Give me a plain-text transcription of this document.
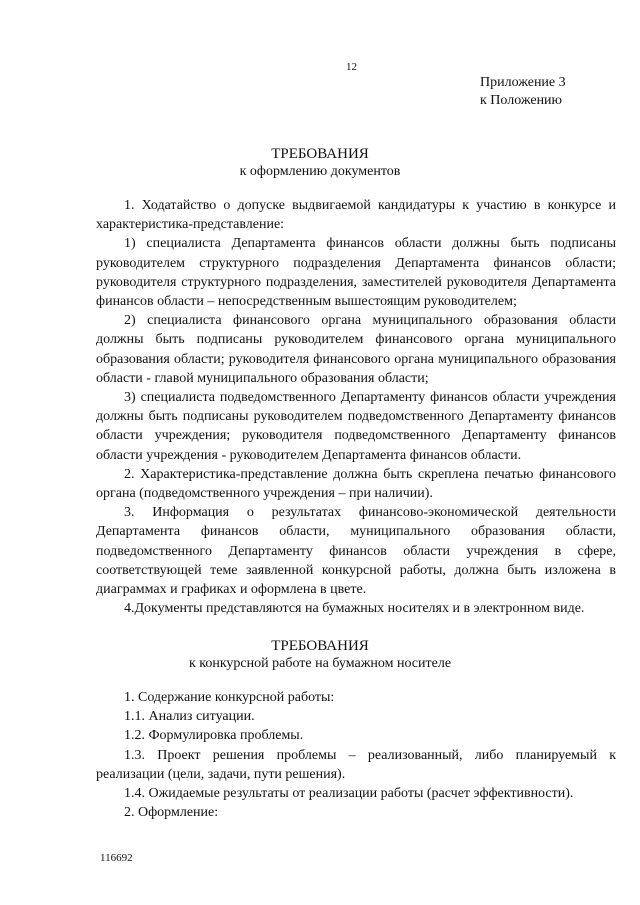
12
Приложение 3
к Положению
ТРЕБОВАНИЯ
к оформлению документов

1. Ходатайство о допуске выдвигаемой кандидатуры к участию в конкурсе и характеристика-представление:

1) специалиста Департамента финансов области должны быть подписаны руководителем структурного подразделения Департамента финансов области; руководителя структурного подразделения, заместителей руководителя Департамента финансов области – непосредственным вышестоящим руководителем;

2) специалиста финансового органа муниципального образования области должны быть подписаны руководителем финансового органа муниципального образования области; руководителя финансового органа муниципального образования области - главой муниципального образования области;

3) специалиста подведомственного Департаменту финансов области учреждения должны быть подписаны руководителем подведомственного Департаменту финансов области учреждения; руководителя подведомственного Департаменту финансов области учреждения - руководителем Департамента финансов области.

2. Характеристика-представление должна быть скреплена печатью финансового органа (подведомственного учреждения – при наличии).

3. Информация о результатах финансово-экономической деятельности Департамента финансов области, муниципального образования области, подведомственного Департаменту финансов области учреждения в сфере, соответствующей теме заявленной конкурсной работы, должна быть изложена в диаграммах и графиках и оформлена в цвете.

4.Документы представляются на бумажных носителях и в электронном виде.

ТРЕБОВАНИЯ
к конкурсной работе на бумажном носителе

1. Содержание конкурсной работы:

1.1. Анализ ситуации.

1.2. Формулировка проблемы.

1.3. Проект решения проблемы – реализованный, либо планируемый к реализации (цели, задачи, пути решения).

1.4. Ожидаемые результаты от реализации работы (расчет эффективности).

2. Оформление:

116692
